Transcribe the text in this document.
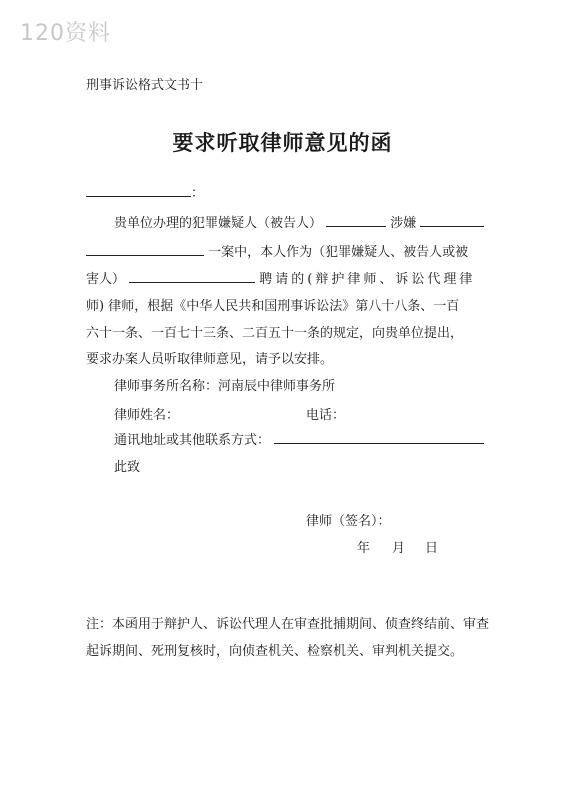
120资料
刑事诉讼格式文书十
要求听取律师意见的函
：
贵单位办理的犯罪嫌疑人（被告人）	涉嫌
一案中，本人作为（犯罪嫌疑人、被告人或被
害人）	聘请的(辩护律师、诉讼代理律
师) 律师，根据《中华人民共和国刑事诉讼法》第八十八条、一百
六十一条、一百七十三条、二百五十一条的规定，向贵单位提出，
要求办案人员听取律师意见，请予以安排。
律师事务所名称：河南辰中律师事务所
律师姓名：	电话：
通讯地址或其他联系方式：
此致
律师（签名）：
年 月 日
注：本函用于辩护人、诉讼代理人在审查批捕期间、侦查终结前、审查
起诉期间、死刑复核时，向侦查机关、检察机关、审判机关提交。
